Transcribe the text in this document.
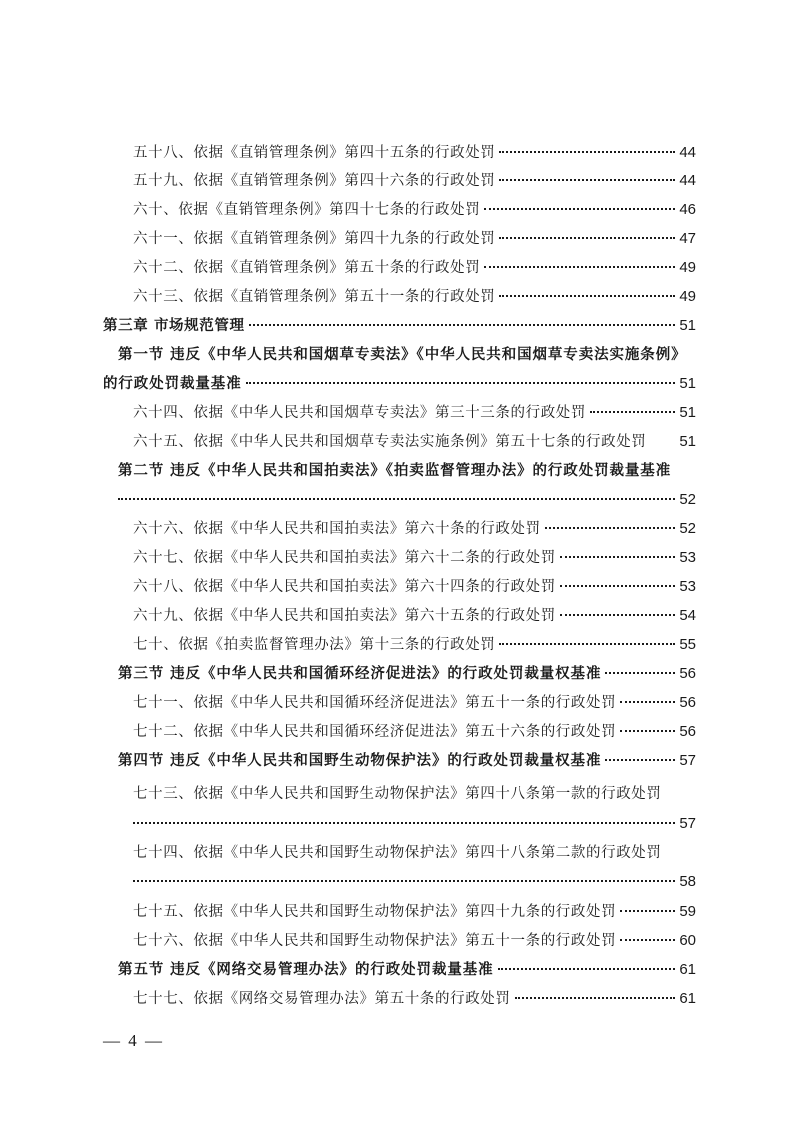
五十八、依据《直销管理条例》第四十五条的行政处罚	44
五十九、依据《直销管理条例》第四十六条的行政处罚	44
六十、依据《直销管理条例》第四十七条的行政处罚	46
六十一、依据《直销管理条例》第四十九条的行政处罚	47
六十二、依据《直销管理条例》第五十条的行政处罚	49
六十三、依据《直销管理条例》第五十一条的行政处罚	49
第三章 市场规范管理	51
第一节 违反《中华人民共和国烟草专卖法》《中华人民共和国烟草专卖法实施条例》
的行政处罚裁量基准	51
六十四、依据《中华人民共和国烟草专卖法》第三十三条的行政处罚	51
六十五、依据《中华人民共和国烟草专卖法实施条例》第五十七条的行政处罚 51
第二节 违反《中华人民共和国拍卖法》《拍卖监督管理办法》的行政处罚裁量基准
52
六十六、依据《中华人民共和国拍卖法》第六十条的行政处罚	52
六十七、依据《中华人民共和国拍卖法》第六十二条的行政处罚	53
六十八、依据《中华人民共和国拍卖法》第六十四条的行政处罚	53
六十九、依据《中华人民共和国拍卖法》第六十五条的行政处罚	54
七十、依据《拍卖监督管理办法》第十三条的行政处罚	55
第三节 违反《中华人民共和国循环经济促进法》的行政处罚裁量权基准	56
七十一、依据《中华人民共和国循环经济促进法》第五十一条的行政处罚	56
七十二、依据《中华人民共和国循环经济促进法》第五十六条的行政处罚	56
第四节 违反《中华人民共和国野生动物保护法》的行政处罚裁量权基准	57
七十三、依据《中华人民共和国野生动物保护法》第四十八条第一款的行政处罚
57
七十四、依据《中华人民共和国野生动物保护法》第四十八条第二款的行政处罚
58
七十五、依据《中华人民共和国野生动物保护法》第四十九条的行政处罚	59
七十六、依据《中华人民共和国野生动物保护法》第五十一条的行政处罚	60
第五节 违反《网络交易管理办法》的行政处罚裁量基准	61
七十七、依据《网络交易管理办法》第五十条的行政处罚	61
— 4 —
